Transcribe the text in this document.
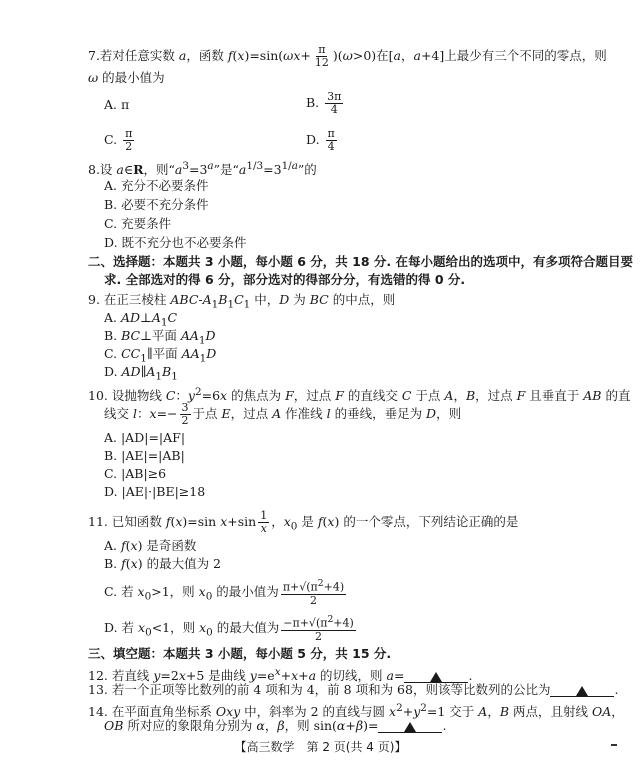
7.若对任意实数 a，函数 $f(x)=\sin(\omega x+ \frac{\pi}{12} )(\omega>0)$在[a，a+4]上最少有三个不同的零点，则
ω 的最小值为
A. π	B. $\frac{3\pi}{4}$
C. $\frac{\pi}{2}$	D. $\frac{\pi}{4}$
8.设 a∈R，则“$a^3=3^a$”是“$a^{1/3}=3^{1/a}$”的
A. 充分不必要条件
B. 必要不充分条件
C. 充要条件
D. 既不充分也不必要条件
二、选择题：本题共 3 小题，每小题 6 分，共 18 分. 在每小题给出的选项中，有多项符合题目要
求. 全部选对的得 6 分，部分选对的得部分分，有选错的得 0 分.
9. 在正三棱柱 ABC-$A_1B_1C_1$ 中，D 为 BC 的中点，则
A. $AD\perp A_1C$
B. BC⊥平面 $AA_1D$
C. $CC_1\parallel$平面 $AA_1D$
D. $AD\parallel A_1B_1$
10. 设抛物线 C：$y^2=6x$ 的焦点为 F，过点 F 的直线交 C 于点 A，B，过点 F 且垂直于 AB 的直
线交 l：$x=- \frac{3}{2}$ 于点 E，过点 A 作准线 l 的垂线，垂足为 D，则
A. |AD|=|AF|
B. |AE|=|AB|
C. |AB|≥6
D. |AE|·|BE|≥18
11. 已知函数 f(x)=sin $x+\sin \frac{1}{x}$ ，$x_0$ 是 f(x) 的一个零点，下列结论正确的是
A. f(x) 是奇函数
B. f(x) 的最大值为 2
C. 若 $x_0>1$，则 $x_0$ 的最小值为 $\frac{\pi+√(\pi^2+4)}{2}$
D. 若 $x_0<1$，则 $x_0$ 的最大值为 $\frac{-\pi+√(\pi^2+4)}{2}$
三、填空题：本题共 3 小题，每小题 5 分，共 15 分.
12. 若直线 y=2x+5 是曲线 $y=e^x+x+a$ 的切线，则 a=	.
13. 若一个正项等比数列的前 4 项和为 4，前 8 项和为 68，则该等比数列的公比为	.
14. 在平面直角坐标系 Oxy 中，斜率为 2 的直线与圆 $x^2+y^2=1$ 交于 A，B 两点，且射线 OA，
OB 所对应的象限角分别为 α，β，则 sin(α+β)=	.
【高三数学　第 2 页(共 4 页)】
